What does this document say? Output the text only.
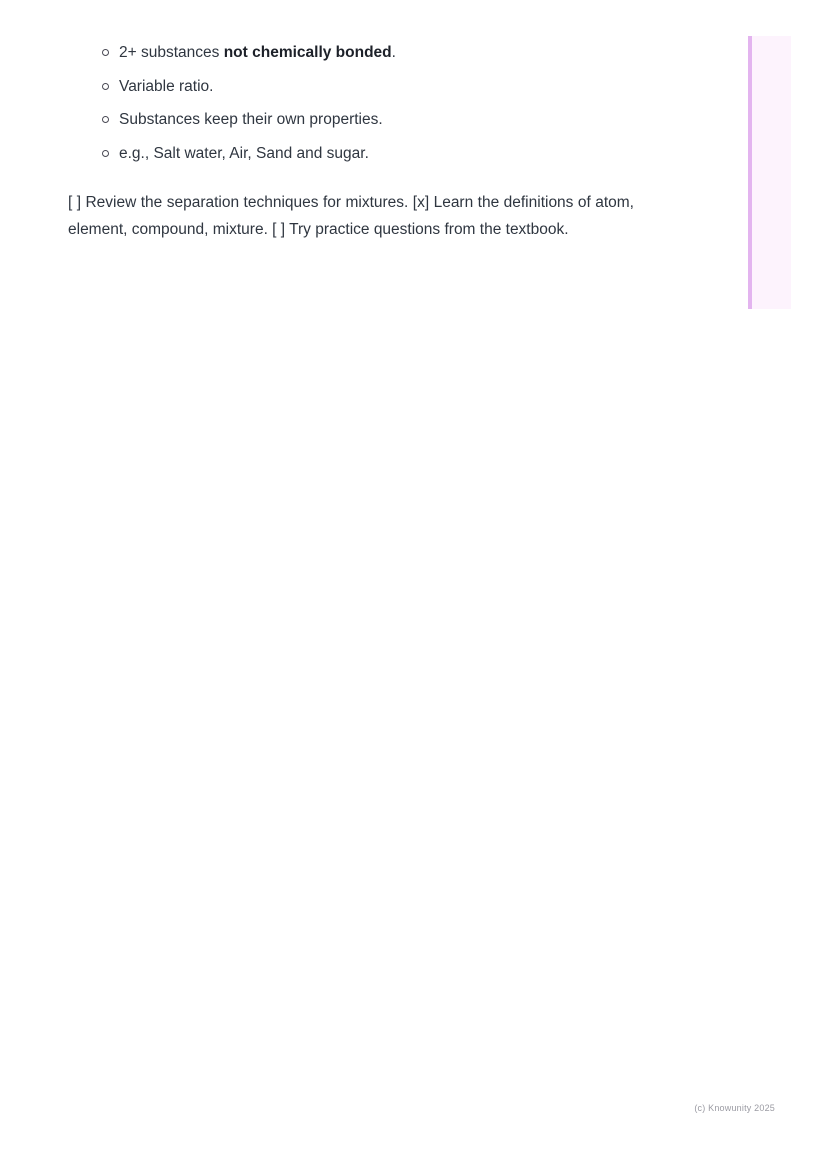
2+ substances not chemically bonded.
Variable ratio.
Substances keep their own properties.
e.g., Salt water, Air, Sand and sugar.

[ ] Review the separation techniques for mixtures. [x] Learn the definitions of atom, element, compound, mixture. [ ] Try practice questions from the textbook.

(c) Knowunity 2025
